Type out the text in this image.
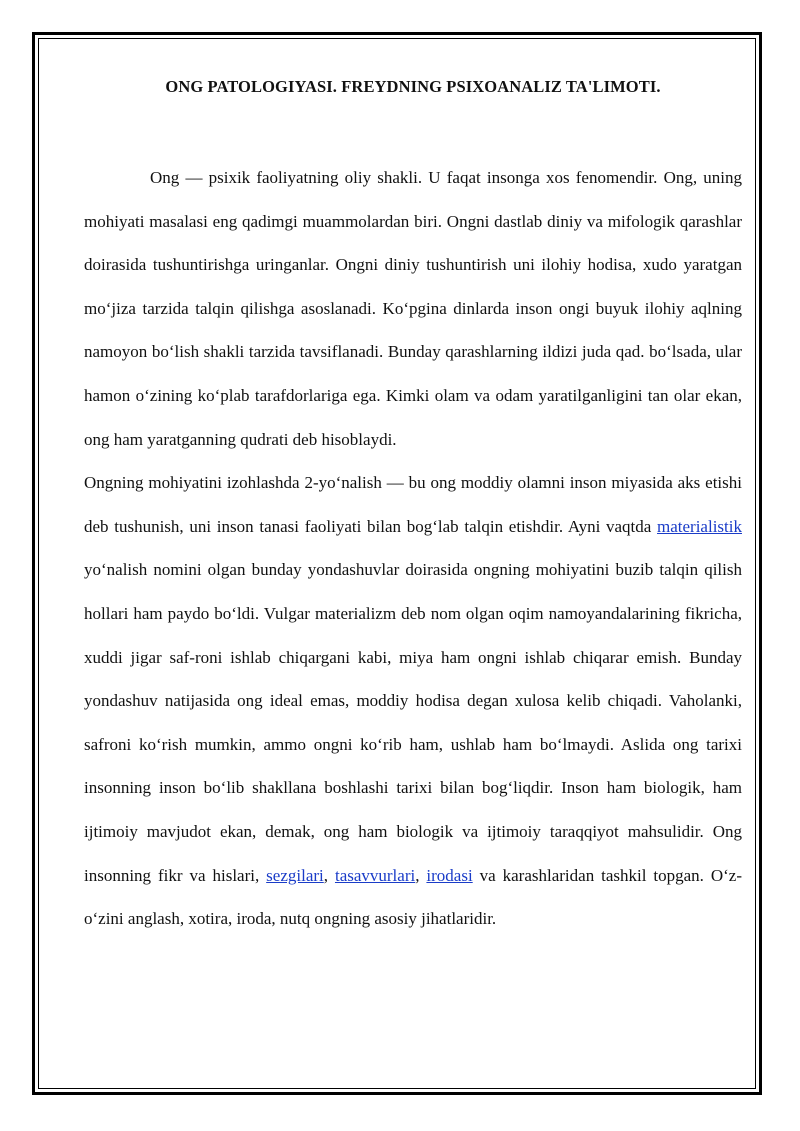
ONG PATOLOGIYASI. FREYDNING PSIXOANALIZ TA'LIMOTI.

Ong — psixik faoliyatning oliy shakli. U faqat insonga xos fenomendir. Ong, uning mohiyati masalasi eng qadimgi muammolardan biri. Ongni dastlab diniy va mifologik qarashlar doirasida tushuntirishga uringanlar. Ongni diniy tushuntirish uni ilohiy hodisa, xudo yaratgan mo‘jiza tarzida talqin qilishga asoslanadi. Ko‘pgina dinlarda inson ongi buyuk ilohiy aqlning namoyon bo‘lish shakli tarzida tavsiflanadi. Bunday qarashlarning ildizi juda qad. bo‘lsada, ular hamon o‘zining ko‘plab tarafdorlariga ega. Kimki olam va odam yaratilganligini tan olar ekan, ong ham yaratganning qudrati deb hisoblaydi.

Ongning mohiyatini izohlashda 2-yo‘nalish — bu ong moddiy olamni inson miyasida aks etishi deb tushunish, uni inson tanasi faoliyati bilan bog‘lab talqin etishdir. Ayni vaqtda materialistik yo‘nalish nomini olgan bunday yondashuvlar doirasida ongning mohiyatini buzib talqin qilish hollari ham paydo bo‘ldi. Vulgar materializm deb nom olgan oqim namoyandalarining fikricha, xuddi jigar saf-roni ishlab chiqargani kabi, miya ham ongni ishlab chiqarar emish. Bunday yondashuv natijasida ong ideal emas, moddiy hodisa degan xulosa kelib chiqadi. Vaholanki, safroni ko‘rish mumkin, ammo ongni ko‘rib ham, ushlab ham bo‘lmaydi. Aslida ong tarixi insonning inson bo‘lib shakllana boshlashi tarixi bilan bog‘liqdir. Inson ham biologik, ham ijtimoiy mavjudot ekan, demak, ong ham biologik va ijtimoiy taraqqiyot mahsulidir. Ong insonning fikr va hislari, sezgilari, tasavvurlari, irodasi va karashlaridan tashkil topgan. O‘z-o‘zini anglash, xotira, iroda, nutq ongning asosiy jihatlaridir.
